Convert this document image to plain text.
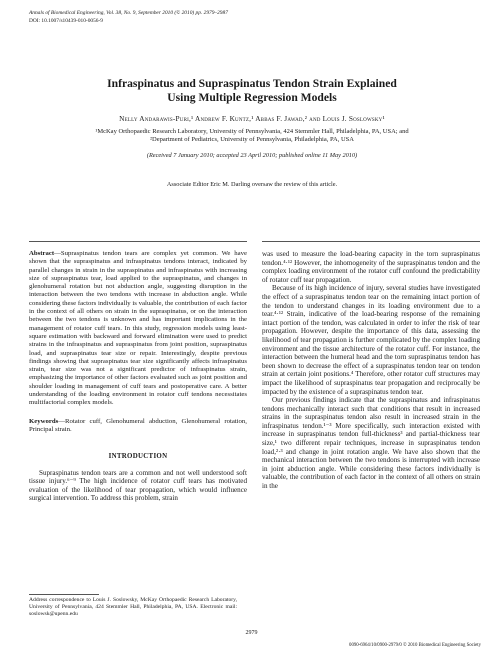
Annals of Biomedical Engineering, Vol. 38, No. 9, September 2010 (© 2010) pp. 2979–2987
DOI: 10.1007/s10439-010-0056-9
Infraspinatus and Supraspinatus Tendon Strain Explained
Using Multiple Regression Models
Nelly Andarawis-Puri,¹ Andrew F. Kuntz,¹ Abbas F. Jawad,² and Louis J. Soslowsky¹
¹McKay Orthopaedic Research Laboratory, University of Pennsylvania, 424 Stemmler Hall, Philadelphia, PA, USA; and
²Department of Pediatrics, University of Pennsylvania, Philadelphia, PA, USA
(Received 7 January 2010; accepted 23 April 2010; published online 11 May 2010)
Associate Editor Eric M. Darling oversaw the review of this article.
Abstract—Supraspinatus tendon tears are complex yet common. We have shown that the supraspinatus and infraspinatus tendons interact, indicated by parallel changes in strain in the supraspinatus and infraspinatus with increasing size of supraspinatus tear, load applied to the supraspinatus, and changes in glenohumeral rotation but not abduction angle, suggesting disruption in the interaction between the two tendons with increase in abduction angle. While considering these factors individually is valuable, the contribution of each factor in the context of all others on strain in the supraspinatus, or on the interaction between the two tendons is unknown and has important implications in the management of rotator cuff tears. In this study, regression models using least-square estimation with backward and forward elimination were used to predict strains in the infraspinatus and supraspinatus from joint position, supraspinatus load, and supraspinatus tear size or repair. Interestingly, despite previous findings showing that supraspinatus tear size significantly affects infraspinatus strain, tear size was not a significant predictor of infraspinatus strain, emphasizing the importance of other factors evaluated such as joint position and shoulder loading in management of cuff tears and postoperative care. A better understanding of the loading environment in rotator cuff tendons necessitates multifactorial complex models.
Keywords—Rotator cuff, Glenohumeral abduction, Glenohumeral rotation, Principal strain.
INTRODUCTION

Supraspinatus tendon tears are a common and not well understood soft tissue injury.⁶⁻⁹ The high incidence of rotator cuff tears has motivated evaluation of the likelihood of tear propagation, which would influence surgical intervention. To address this problem, strain

was used to measure the load-bearing capacity in the torn supraspinatus tendon.⁴·¹² However, the inhomogeneity of the supraspinatus tendon and the complex loading environment of the rotator cuff confound the predictability of rotator cuff tear propagation.

Because of its high incidence of injury, several studies have investigated the effect of a supraspinatus tendon tear on the remaining intact portion of the tendon to understand changes in its loading environment due to a tear.⁴·¹² Strain, indicative of the load-bearing response of the remaining intact portion of the tendon, was calculated in order to infer the risk of tear propagation. However, despite the importance of this data, assessing the likelihood of tear propagation is further complicated by the complex loading environment and the tissue architecture of the rotator cuff. For instance, the interaction between the humeral head and the torn supraspinatus tendon has been shown to decrease the effect of a supraspinatus tendon tear on tendon strain at certain joint positions.⁴ Therefore, other rotator cuff structures may impact the likelihood of supraspinatus tear propagation and reciprocally be impacted by the existence of a supraspinatus tendon tear.

Our previous findings indicate that the supraspinatus and infraspinatus tendons mechanically interact such that conditions that result in increased strains in the supraspinatus tendon also result in increased strain in the infraspinatus tendon.¹⁻³ More specifically, such interaction existed with increase in supraspinatus tendon full-thickness³ and partial-thickness tear size,¹ two different repair techniques, increase in supraspinatus tendon load,²·³ and change in joint rotation angle. We have also shown that the mechanical interaction between the two tendons is interrupted with increase in joint abduction angle. While considering these factors individually is valuable, the contribution of each factor in the context of all others on strain in the

Address correspondence to Louis J. Soslowsky, McKay Orthopaedic Research Laboratory, University of Pennsylvania, 424 Stemmler Hall, Philadelphia, PA, USA. Electronic mail: soslowsk@upenn.edu
2979
0090-6964/10/0900-2979/0 © 2010 Biomedical Engineering Society
